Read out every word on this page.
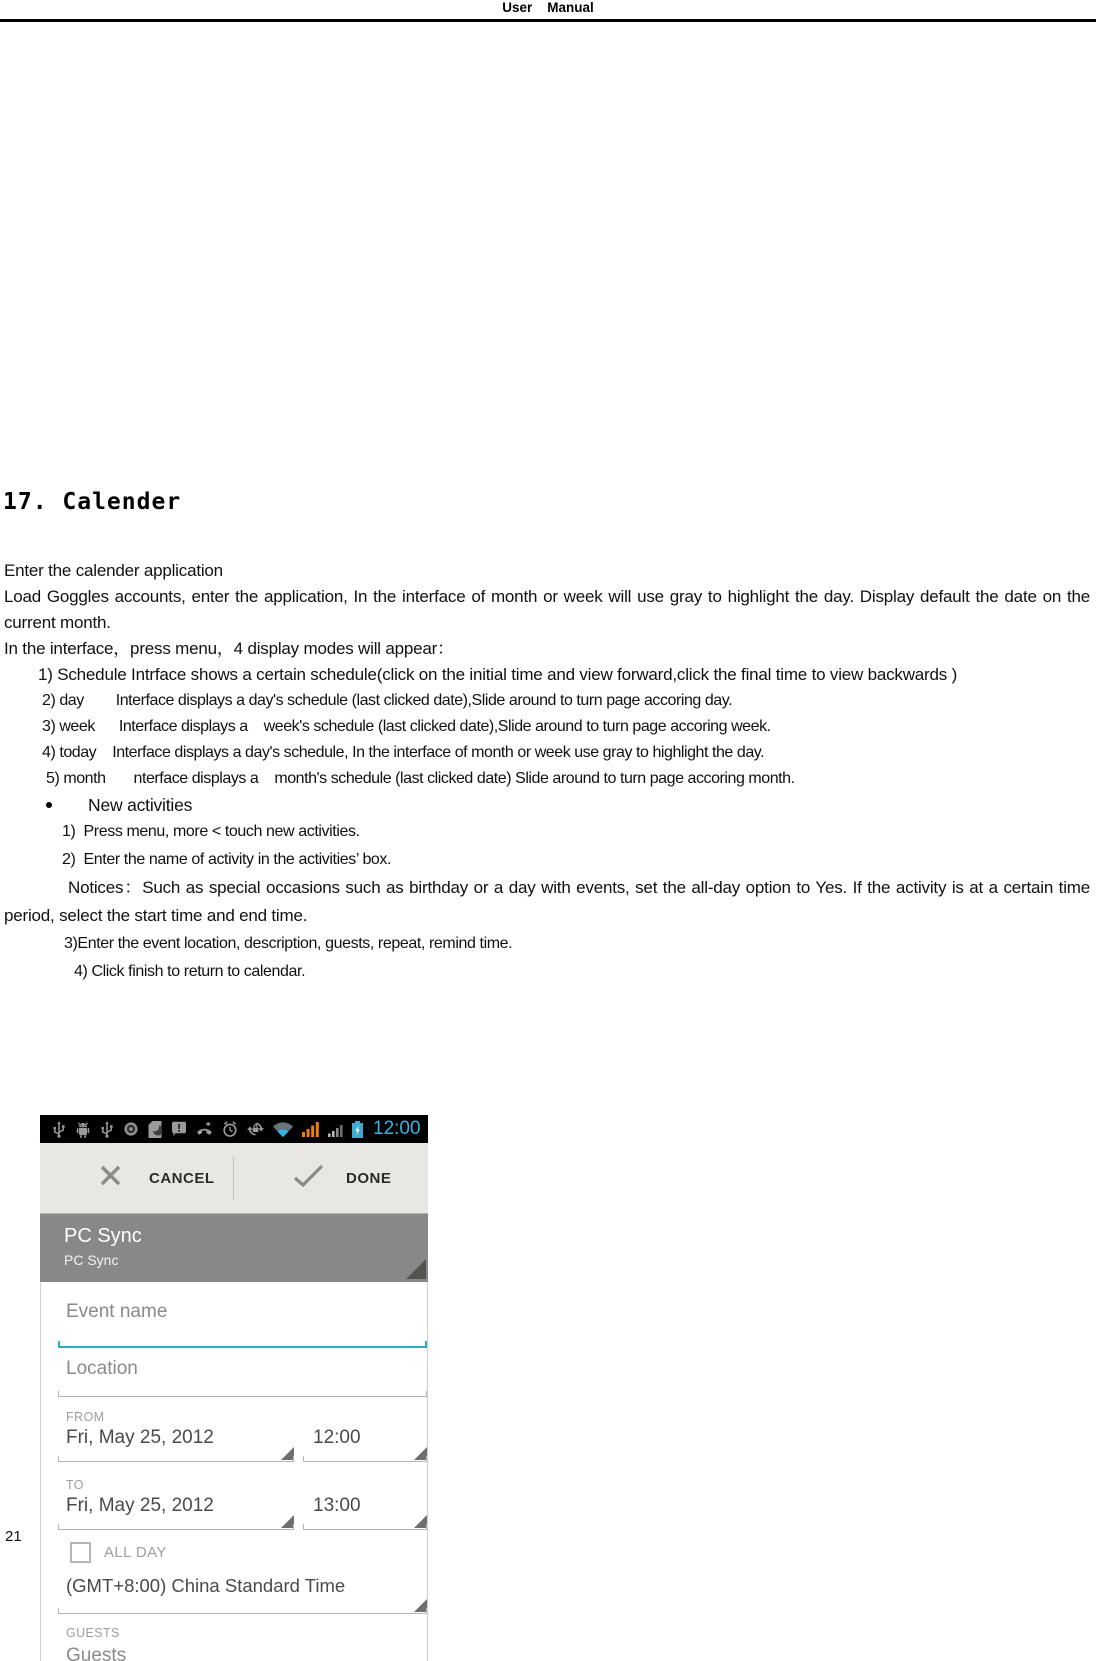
User    Manual
17. Calender

Enter the calender application

Load Goggles accounts, enter the application, In the interface of month or week will use gray to highlight the day. Display default the date on the current month.

In the interface，press menu，4 display modes will appear：

1) Schedule Intrface shows a certain schedule(click on the initial time and view forward,click the final time to view backwards )

2) day        Interface displays a day's schedule (last clicked date),Slide around to turn page accoring day.

3) week      Interface displays a    week's schedule (last clicked date),Slide around to turn page accoring week.

4) today    Interface displays a day's schedule, In the interface of month or week use gray to highlight the day.

5) month       nterface displays a    month's schedule (last clicked date) Slide around to turn page accoring month.

New activities

1)  Press menu, more < touch new activities.

2)  Enter the name of activity in the activities’ box.

Notices：Such as special occasions such as birthday or a day with events, set the all-day option to Yes. If the activity is at a certain time period, select the start time and end time.

3)Enter the event location, description, guests, repeat, remind time.

4) Click finish to return to calendar.

21
12:00
CANCEL	DONE
PC Sync
PC Sync
Event name
Location
FROM
Fri, May 25, 2012	12:00
TO
Fri, May 25, 2012	13:00
ALL DAY
(GMT+8:00) China Standard Time
GUESTS
Guests
